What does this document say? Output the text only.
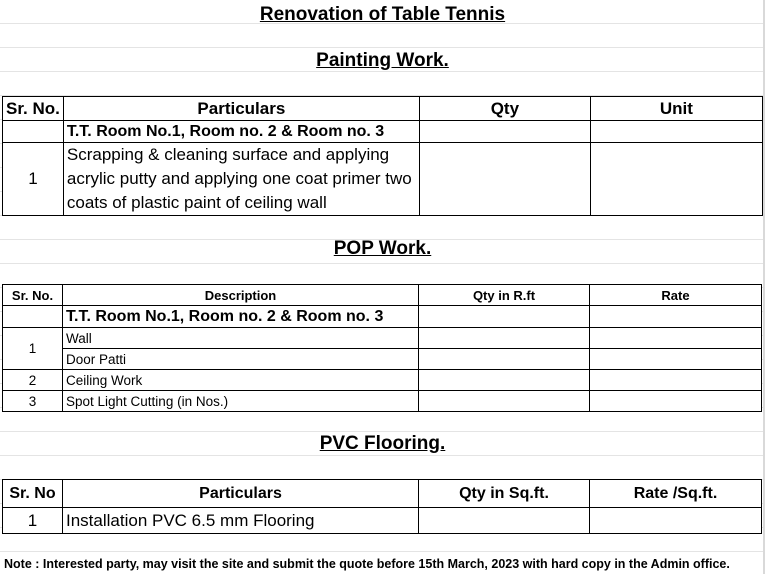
Renovation of Table Tennis
Painting Work.
Sr. No.	Particulars	Qty	Unit
	T.T. Room No.1, Room no. 2 & Room no. 3		
1	Scrapping & cleaning surface and applying acrylic putty and applying one coat primer two coats of plastic paint of ceiling wall		
POP Work.
Sr. No.	Description	Qty in R.ft	Rate
	T.T. Room No.1, Room no. 2 & Room no. 3		
1	Wall		
	Door Patti		
2	Ceiling Work		
3	Spot Light Cutting (in Nos.)		
PVC Flooring.
Sr. No	Particulars	Qty in Sq.ft.	Rate /Sq.ft.
1	Installation PVC 6.5 mm Flooring		
Note : Interested party, may visit the site and submit the quote before 15th March, 2023 with hard copy in the Admin office.
